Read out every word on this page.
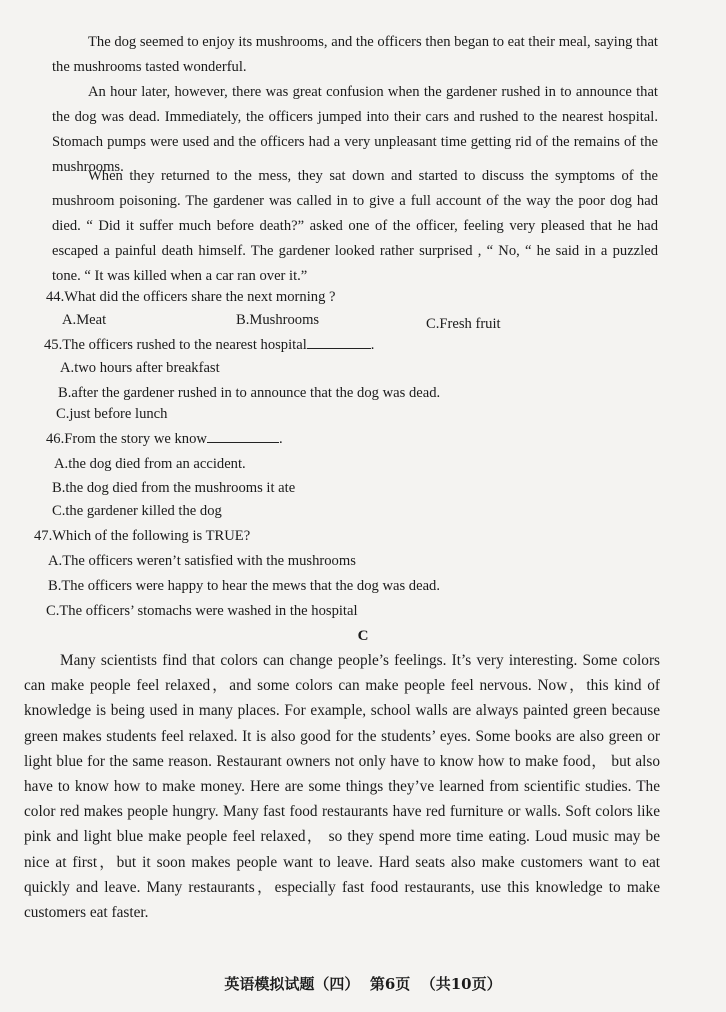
The dog seemed to enjoy its mushrooms, and the officers then began to eat their meal, saying that the mushrooms tasted wonderful.

An hour later, however, there was great confusion when the gardener rushed in to announce that the dog was dead. Immediately, the officers jumped into their cars and rushed to the nearest hospital. Stomach pumps were used and the officers had a very unpleasant time getting rid of the remains of the mushrooms.

When they returned to the mess, they sat down and started to discuss the symptoms of the mushroom poisoning. The gardener was called in to give a full account of the way the poor dog had died. “ Did it suffer much before death?” asked one of the officer, feeling very pleased that he had escaped a painful death himself. The gardener looked rather surprised , “ No, “ he said in a puzzled tone. “ It was killed when a car ran over it.”

44.What did the officers share the next morning ?
A.Meat	B.Mushrooms	C.Fresh fruit
45.The officers rushed to the nearest hospital	.
A.two hours after breakfast
B.after the gardener rushed in to announce that the dog was dead.
C.just before lunch
46.From the story we know	.
A.the dog died from an accident.
B.the dog died from the mushrooms it ate
C.the gardener killed the dog
47.Which of the following is TRUE?
A.The officers weren’t satisfied with the mushrooms
B.The officers were happy to hear the mews that the dog was dead.
C.The officers’ stomachs were washed in the hospital
C

Many scientists find that colors can change people’s feelings. It’s very interesting. Some colors can make people feel relaxed，and some colors can make people feel nervous. Now，this kind of knowledge is being used in many places. For example, school walls are always painted green because green makes students feel relaxed. It is also good for the students’ eyes. Some books are also green or light blue for the same reason. Restaurant owners not only have to know how to make food， but also have to know how to make money. Here are some things they’ve learned from scientific studies. The color red makes people hungry. Many fast food restaurants have red furniture or walls. Soft colors like pink and light blue make people feel relaxed， so they spend more time eating. Loud music may be nice at first，but it soon makes people want to leave. Hard seats also make customers want to eat quickly and leave. Many restaurants，especially fast food restaurants, use this knowledge to make customers eat faster.

英语模拟试题（四） 第6页 （共10页）
